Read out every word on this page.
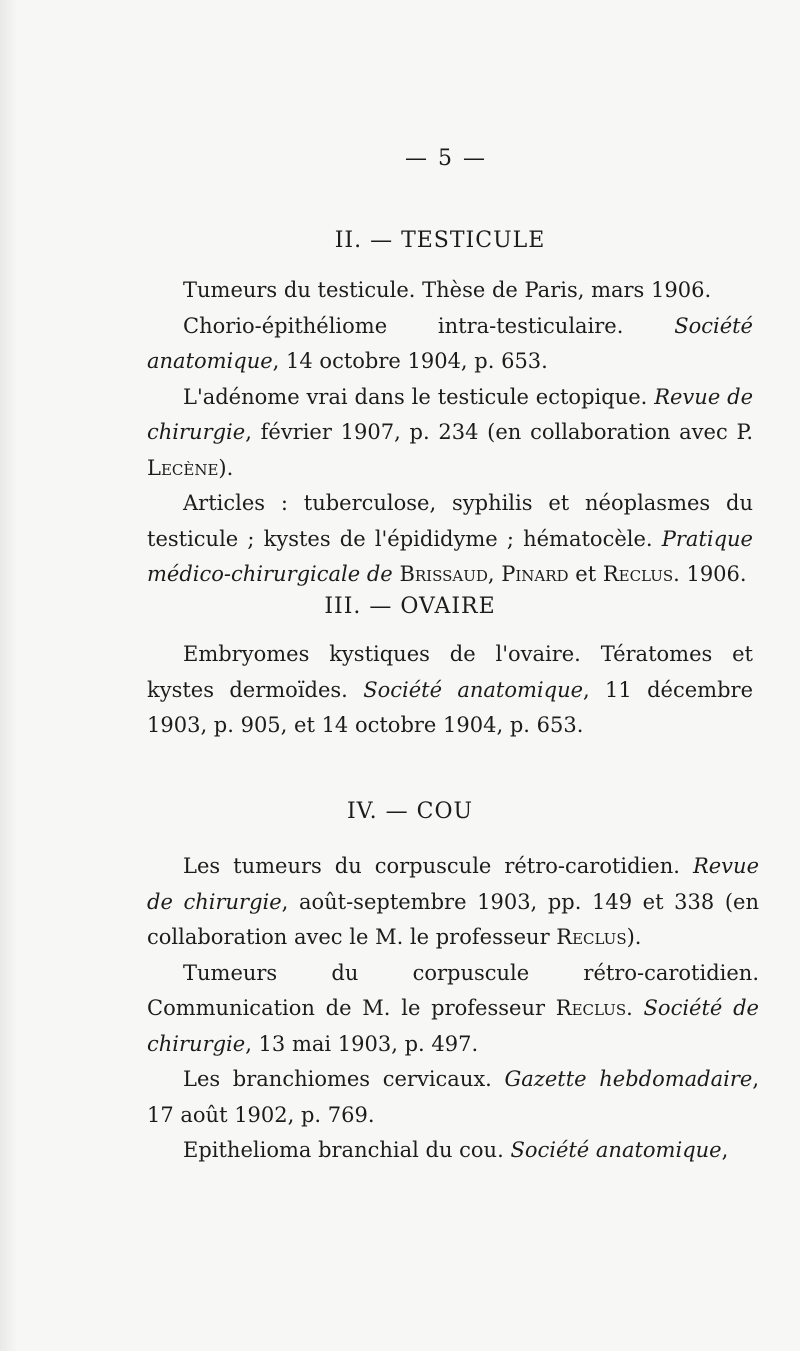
— 5 —
II. — TESTICULE

Tumeurs du testicule. Thèse de Paris, mars 1906.

Chorio-épithéliome intra-testiculaire. Société anatomique, 14 octobre 1904, p. 653.

L'adénome vrai dans le testicule ectopique. Revue de chirurgie, février 1907, p. 234 (en collaboration avec P. Lecène).

Articles : tuberculose, syphilis et néoplasmes du testicule ; kystes de l'épididyme ; hématocèle. Pratique médico-chirurgicale de Brissaud, Pinard et Reclus. 1906.

III. — OVAIRE

Embryomes kystiques de l'ovaire. Tératomes et kystes dermoïdes. Société anatomique, 11 décembre 1903, p. 905, et 14 octobre 1904, p. 653.

IV. — COU

Les tumeurs du corpuscule rétro-carotidien. Revue de chirurgie, août-septembre 1903, pp. 149 et 338 (en collaboration avec le M. le professeur Reclus).

Tumeurs du corpuscule rétro-carotidien. Communication de M. le professeur Reclus. Société de chirurgie, 13 mai 1903, p. 497.

Les branchiomes cervicaux. Gazette hebdomadaire, 17 août 1902, p. 769.

Epithelioma branchial du cou. Société anatomique,
